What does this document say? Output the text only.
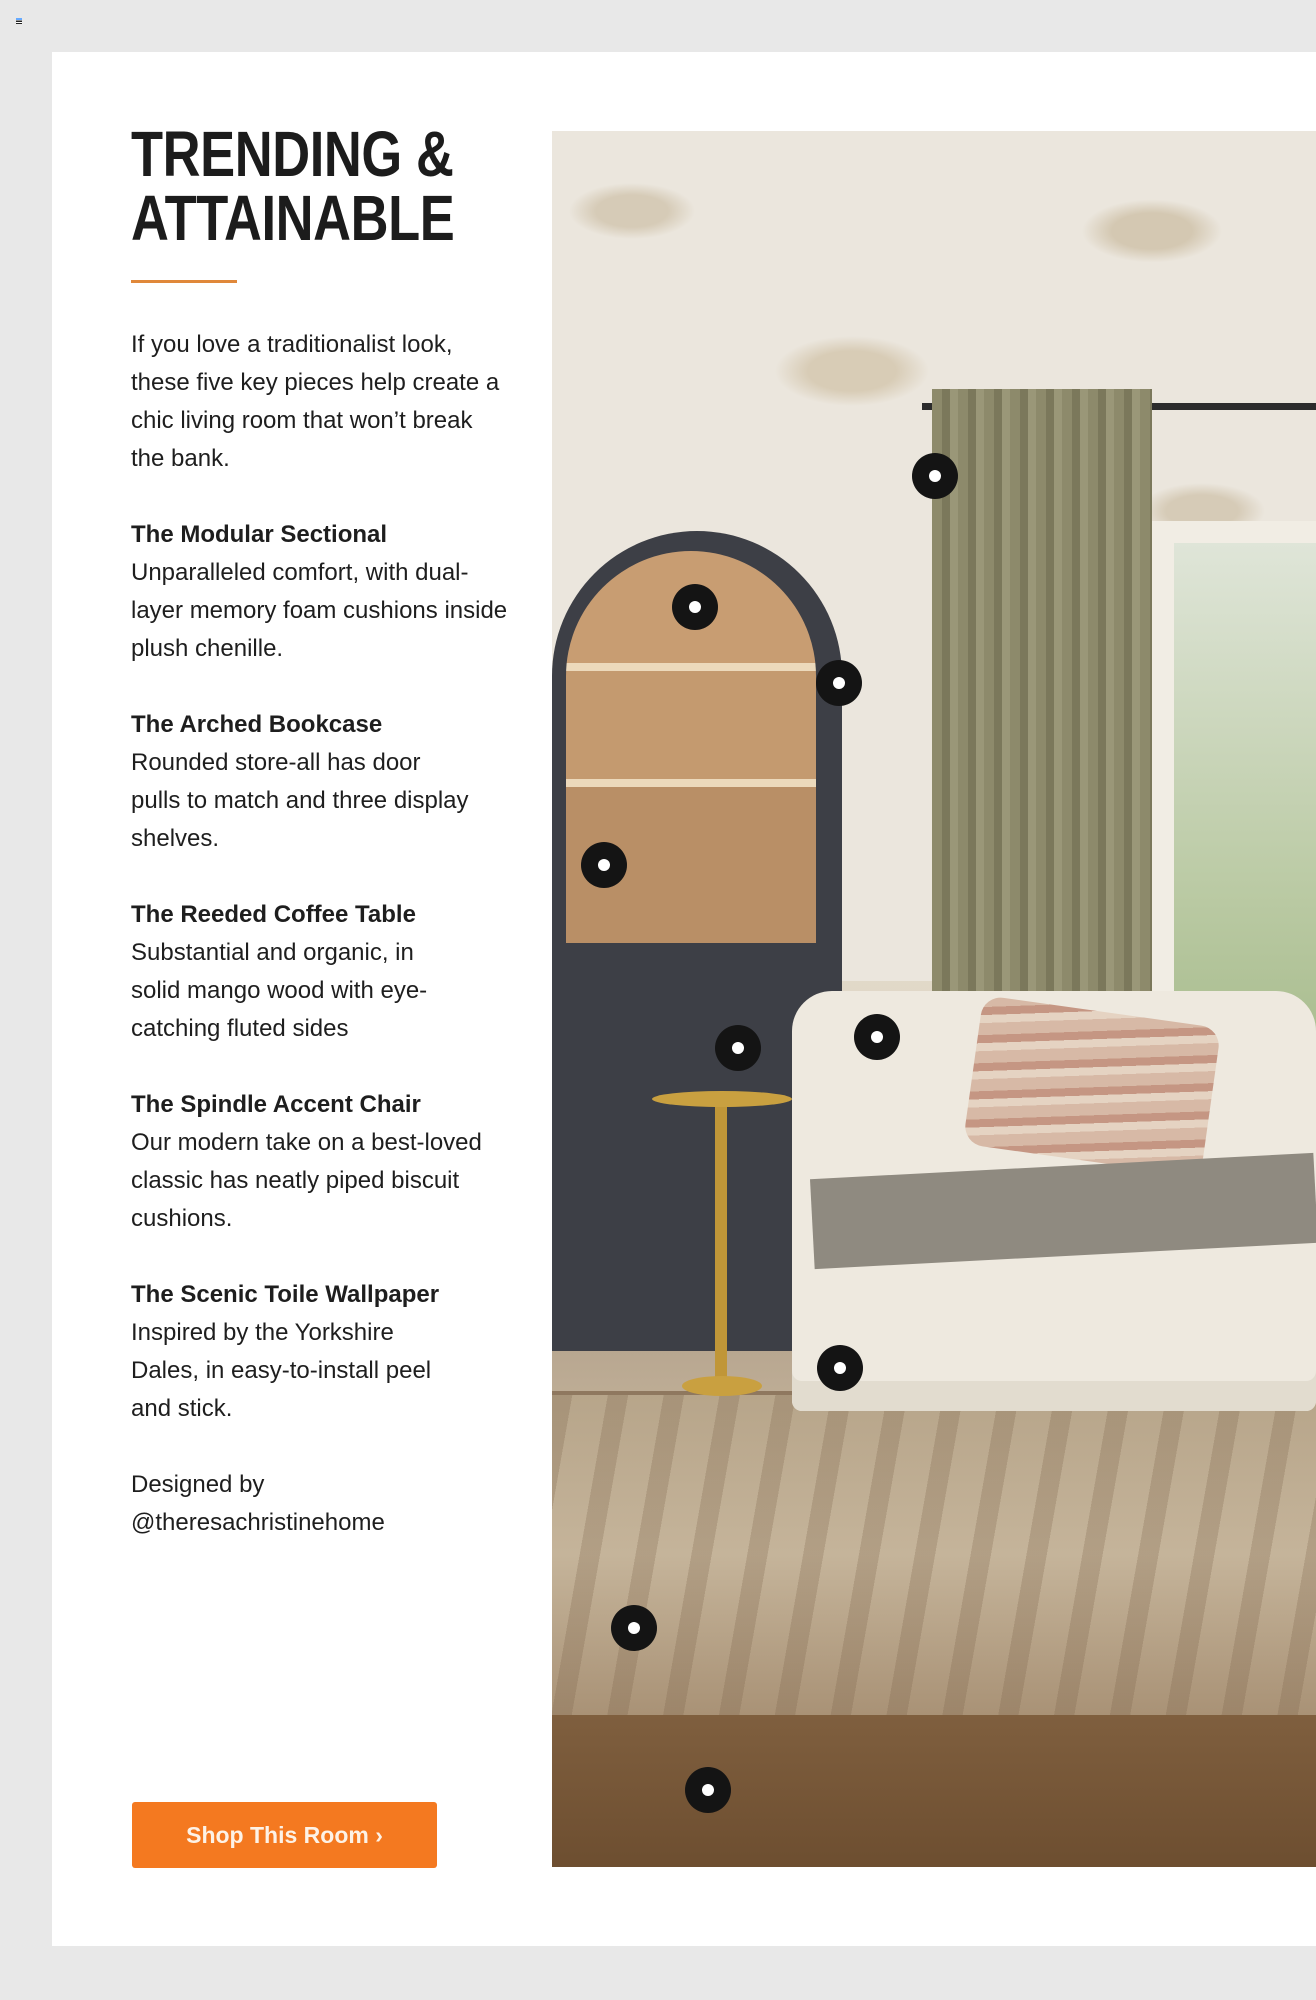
TRENDING &
ATTAINABLE

If you love a traditionalist look, these five key pieces help create a chic living room that won’t break the bank.

The Modular Sectional
Unparalleled comfort, with dual-layer memory foam cushions inside plush chenille.

The Arched Bookcase
Rounded store-all has door pulls to match and three display shelves.

The Reeded Coffee Table
Substantial and organic, in solid mango wood with eye-catching fluted sides

The Spindle Accent Chair
Our modern take on a best-loved classic has neatly piped biscuit cushions.

The Scenic Toile Wallpaper
Inspired by the Yorkshire Dales, in easy-to-install peel and stick.

Designed by
@theresachristinehome

Shop This Room ›
